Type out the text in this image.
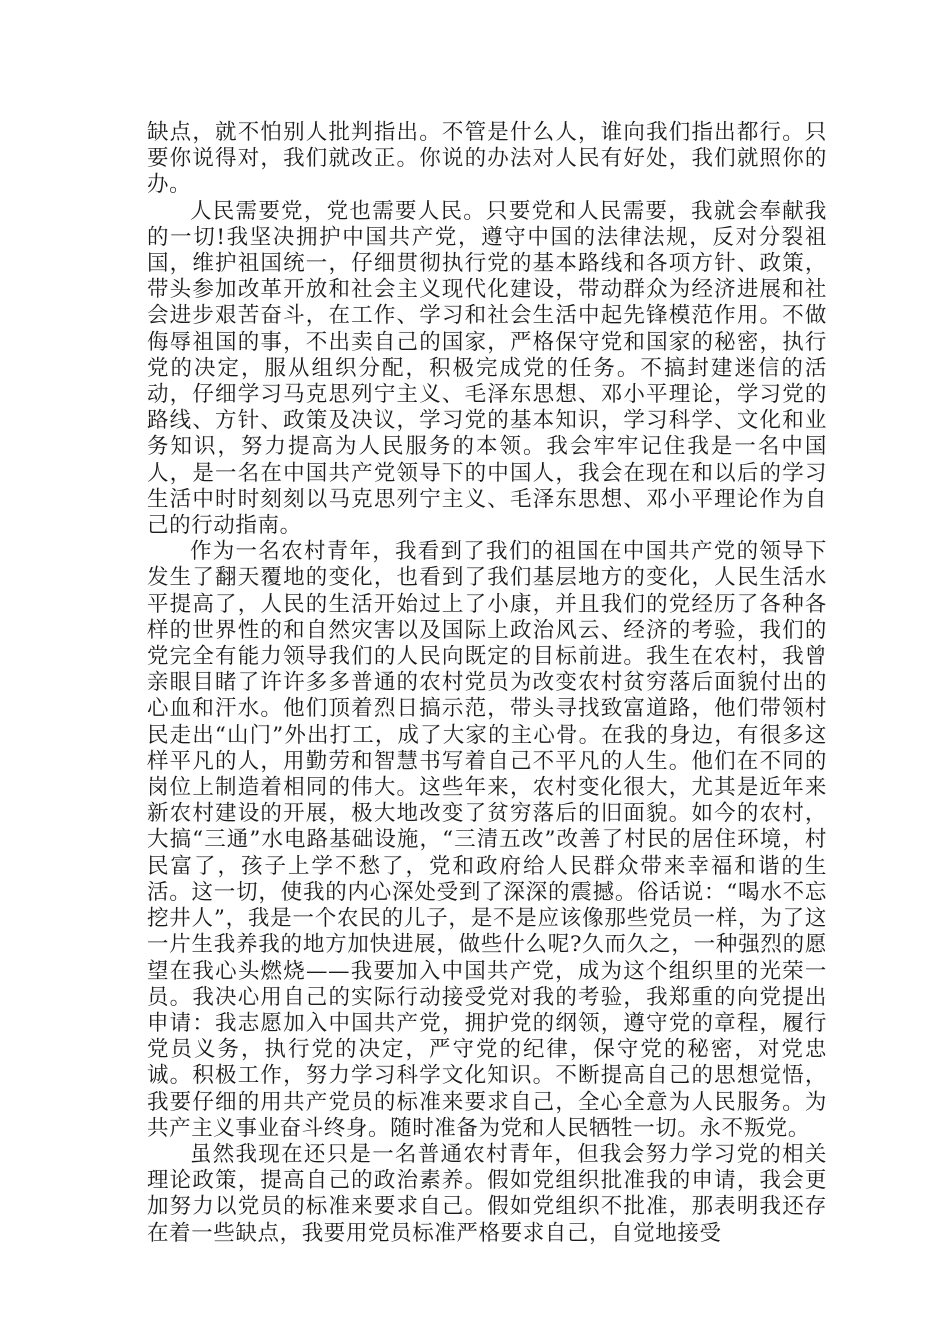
缺点，就不怕别人批判指出。不管是什么人，谁向我们指出都行。只要你说得对，我们就改正。你说的办法对人民有好处，我们就照你的办。

人民需要党，党也需要人民。只要党和人民需要，我就会奉献我的一切!我坚决拥护中国共产党，遵守中国的法律法规，反对分裂祖国，维护祖国统一，仔细贯彻执行党的基本路线和各项方针、政策，带头参加改革开放和社会主义现代化建设，带动群众为经济进展和社会进步艰苦奋斗，在工作、学习和社会生活中起先锋模范作用。不做侮辱祖国的事，不出卖自己的国家，严格保守党和国家的秘密，执行党的决定，服从组织分配，积极完成党的任务。不搞封建迷信的活动，仔细学习马克思列宁主义、毛泽东思想、邓小平理论，学习党的路线、方针、政策及决议，学习党的基本知识，学习科学、文化和业务知识，努力提高为人民服务的本领。我会牢牢记住我是一名中国人，是一名在中国共产党领导下的中国人，我会在现在和以后的学习生活中时时刻刻以马克思列宁主义、毛泽东思想、邓小平理论作为自己的行动指南。

作为一名农村青年，我看到了我们的祖国在中国共产党的领导下发生了翻天覆地的变化，也看到了我们基层地方的变化，人民生活水平提高了，人民的生活开始过上了小康，并且我们的党经历了各种各样的世界性的和自然灾害以及国际上政治风云、经济的考验，我们的党完全有能力领导我们的人民向既定的目标前进。我生在农村，我曾亲眼目睹了许许多多普通的农村党员为改变农村贫穷落后面貌付出的心血和汗水。他们顶着烈日搞示范，带头寻找致富道路，他们带领村民走出“山门”外出打工，成了大家的主心骨。在我的身边，有很多这样平凡的人，用勤劳和智慧书写着自己不平凡的人生。他们在不同的岗位上制造着相同的伟大。这些年来，农村变化很大，尤其是近年来新农村建设的开展，极大地改变了贫穷落后的旧面貌。如今的农村，大搞“三通”水电路基础设施，“三清五改”改善了村民的居住环境，村民富了，孩子上学不愁了，党和政府给人民群众带来幸福和谐的生活。这一切，使我的内心深处受到了深深的震撼。俗话说：“喝水不忘挖井人”，我是一个农民的儿子，是不是应该像那些党员一样，为了这一片生我养我的地方加快进展，做些什么呢?久而久之，一种强烈的愿望在我心头燃烧——我要加入中国共产党，成为这个组织里的光荣一员。我决心用自己的实际行动接受党对我的考验，我郑重的向党提出申请：我志愿加入中国共产党，拥护党的纲领，遵守党的章程，履行党员义务，执行党的决定，严守党的纪律，保守党的秘密，对党忠诚。积极工作，努力学习科学文化知识。不断提高自己的思想觉悟，我要仔细的用共产党员的标准来要求自己，全心全意为人民服务。为共产主义事业奋斗终身。随时准备为党和人民牺牲一切。永不叛党。

虽然我现在还只是一名普通农村青年，但我会努力学习党的相关理论政策，提高自己的政治素养。假如党组织批准我的申请，我会更加努力以党员的标准来要求自己。假如党组织不批准，那表明我还存在着一些缺点，我要用党员标准严格要求自己，自觉地接受
